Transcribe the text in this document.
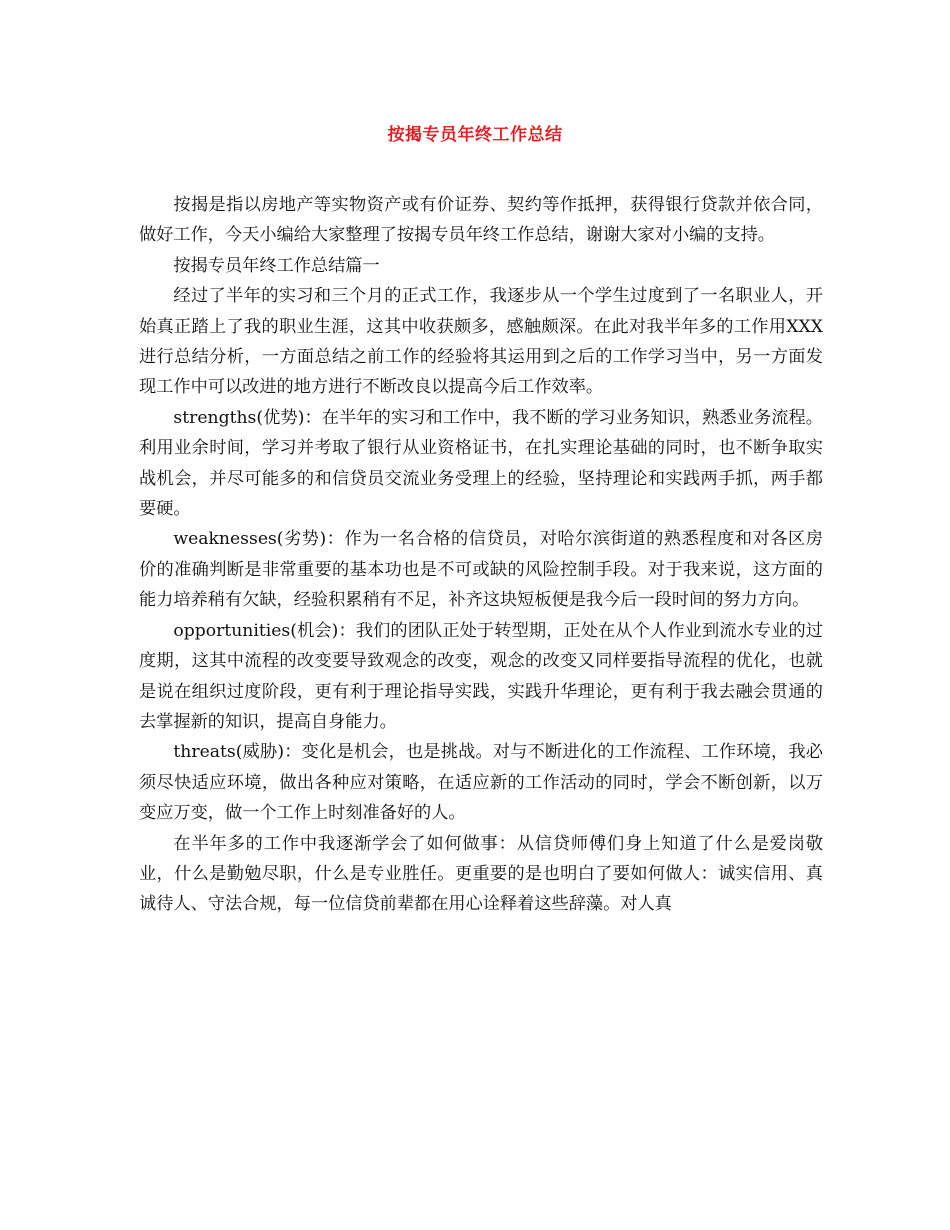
按揭专员年终工作总结

按揭是指以房地产等实物资产或有价证券、契约等作抵押，获得银行贷款并依合同，做好工作，今天小编给大家整理了按揭专员年终工作总结，谢谢大家对小编的支持。

按揭专员年终工作总结篇一

经过了半年的实习和三个月的正式工作，我逐步从一个学生过度到了一名职业人，开始真正踏上了我的职业生涯，这其中收获颇多，感触颇深。在此对我半年多的工作用XXX进行总结分析，一方面总结之前工作的经验将其运用到之后的工作学习当中，另一方面发现工作中可以改进的地方进行不断改良以提高今后工作效率。

strengths(优势)：在半年的实习和工作中，我不断的学习业务知识，熟悉业务流程。利用业余时间，学习并考取了银行从业资格证书，在扎实理论基础的同时，也不断争取实战机会，并尽可能多的和信贷员交流业务受理上的经验，坚持理论和实践两手抓，两手都要硬。

weaknesses(劣势)：作为一名合格的信贷员，对哈尔滨街道的熟悉程度和对各区房价的准确判断是非常重要的基本功也是不可或缺的风险控制手段。对于我来说，这方面的能力培养稍有欠缺，经验积累稍有不足，补齐这块短板便是我今后一段时间的努力方向。

opportunities(机会)：我们的团队正处于转型期，正处在从个人作业到流水专业的过度期，这其中流程的改变要导致观念的改变，观念的改变又同样要指导流程的优化，也就是说在组织过度阶段，更有利于理论指导实践，实践升华理论，更有利于我去融会贯通的去掌握新的知识，提高自身能力。

threats(威胁)：变化是机会，也是挑战。对与不断进化的工作流程、工作环境，我必须尽快适应环境，做出各种应对策略，在适应新的工作活动的同时，学会不断创新，以万变应万变，做一个工作上时刻准备好的人。

在半年多的工作中我逐渐学会了如何做事：从信贷师傅们身上知道了什么是爱岗敬业，什么是勤勉尽职，什么是专业胜任。更重要的是也明白了要如何做人：诚实信用、真诚待人、守法合规，每一位信贷前辈都在用心诠释着这些辞藻。对人真
